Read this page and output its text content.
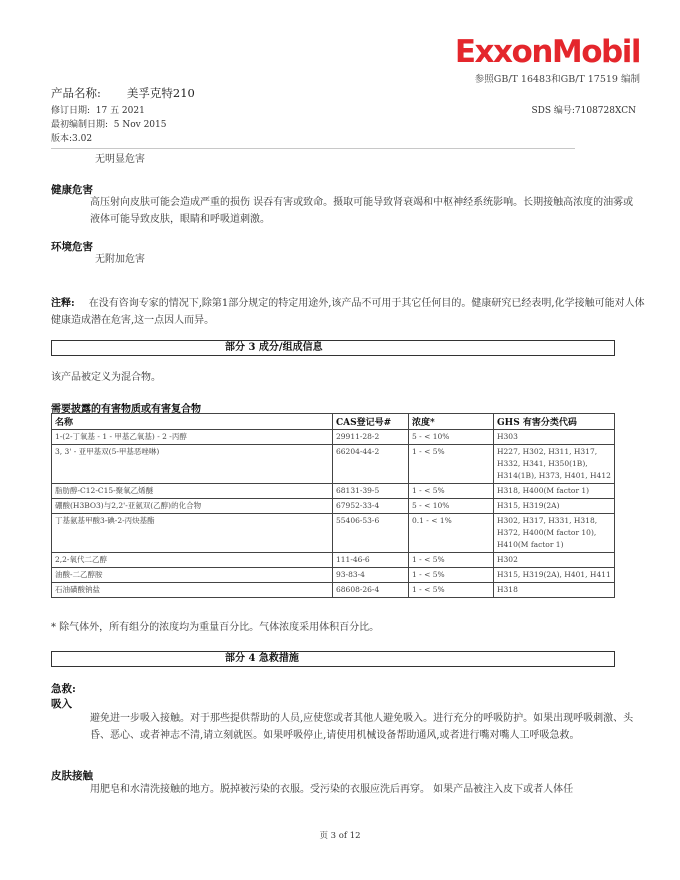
ExxonMobil
参照GB/T 16483和GB/T 17519 编制
产品名称: 美孚克特210
修订日期:  17 五 2021	SDS 编号:7108728XCN
最初编制日期:  5 Nov 2015
版本:3.02
无明显危害
健康危害
高压射向皮肤可能会造成严重的损伤 误吞有害或致命。摄取可能导致肾衰竭和中枢神经系统影响。长期接触高浓度的油雾或液体可能导致皮肤，眼睛和呼吸道刺激。
环境危害
无附加危害
注释: 在没有咨询专家的情况下,除第1部分规定的特定用途外,该产品不可用于其它任何目的。健康研究已经表明,化学接触可能对人体健康造成潜在危害,这一点因人而异。
部分 3 成分/组成信息
该产品被定义为混合物。
需要披露的有害物质或有害复合物
名称	CAS登记号#	浓度*	GHS 有害分类代码
1-(2-丁氧基 - 1 - 甲基乙氧基) - 2 -丙醇	29911-28-2	5 - < 10%	H303
3, 3' - 亚甲基双(5-甲基恶唑啉)	66204-44-2	1 - < 5%	H227, H302, H311, H317, H332, H341, H350(1B), H314(1B), H373, H401, H412
脂肪醇-C12-C15-聚氧乙烯醚	68131-39-5	1 - < 5%	H318, H400(M factor 1)
硼酸(H3BO3)与2,2'-亚氨双(乙醇)的化合物	67952-33-4	5 - < 10%	H315, H319(2A)
丁基氨基甲酸3-碘-2-丙炔基酯	55406-53-6	0.1 - < 1%	H302, H317, H331, H318, H372, H400(M factor 10), H410(M factor 1)
2,2-氧代二乙醇	111-46-6	1 - < 5%	H302
油酸-二乙醇胺	93-83-4	1 - < 5%	H315, H319(2A), H401, H411
石油磺酸钠盐	68608-26-4	1 - < 5%	H318
* 除气体外，所有组分的浓度均为重量百分比。气体浓度采用体积百分比。
部分 4 急救措施
急救:
吸入
避免进一步吸入接触。对于那些提供帮助的人员,应使您或者其他人避免吸入。进行充分的呼吸防护。如果出现呼吸刺激、头昏、恶心、或者神志不清,请立刻就医。如果呼吸停止,请使用机械设备帮助通风,或者进行嘴对嘴人工呼吸急救。
皮肤接触
用肥皂和水清洗接触的地方。脱掉被污染的衣服。受污染的衣服应洗后再穿。 如果产品被注入皮下或者人体任
页 3 of 12
